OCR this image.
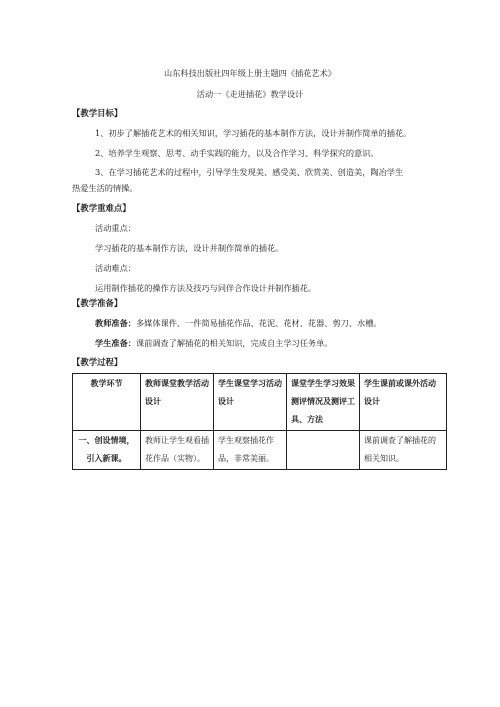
山东科技出版社四年级上册主题四《插花艺术》
活动一《走进插花》教学设计
【教学目标】
1、初步了解插花艺术的相关知识，学习插花的基本制作方法，设计并制作简单的插花。
2、培养学生观察、思考、动手实践的能力，以及合作学习、科学探究的意识。
3、在学习插花艺术的过程中，引导学生发现美、感受美、欣赏美、创造美，陶冶学生
热爱生活的情操。
【教学重难点】
活动重点：
学习插花的基本制作方法，设计并制作简单的插花。
活动难点：
运用制作插花的操作方法及技巧与同伴合作设计并制作插花。
【教学准备】
教师准备：多媒体课件、一件简易插花作品、花泥、花材、花器、剪刀、水槽。
学生准备：课前调查了解插花的相关知识，完成自主学习任务单。
【教学过程】
教学环节	教师课堂教学活动设计	学生课堂学习活动设计	课堂学生学习效果测评情况及测评工具、方法	学生课前或课外活动设计
一、创设情境，引入新课。	教师让学生观看插花作品（实物）。	学生观察插花作品，非常美丽。		课前调查了解插花的相关知识。
